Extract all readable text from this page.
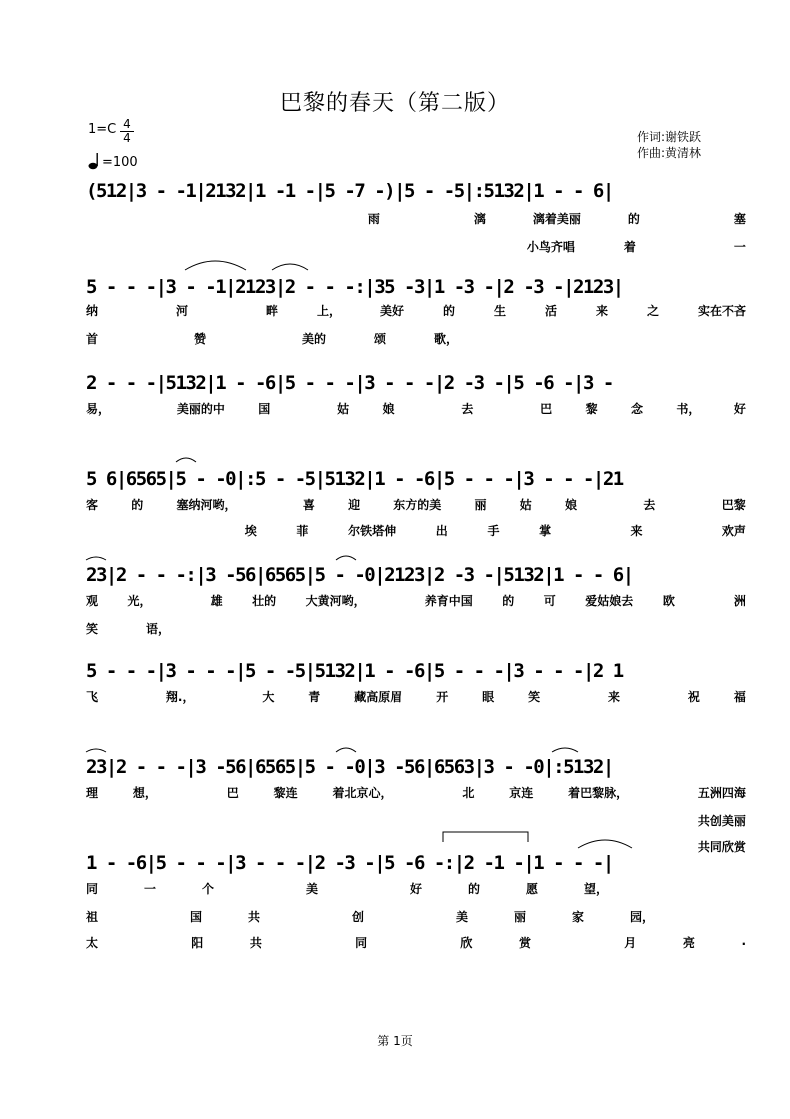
巴黎的春天（第二版）
1=C 4
4
=100
作词:谢铁跃
作曲:黄清林
(512|3 - -1|2132|1 -1 -|5 -7 -)|5 - -5|:5132|1 - - 6|
雨	漓	漓着美丽	的	塞
小鸟齐唱	着	一
5 - - -|3 - -1|2123|2 - - -:|35 -3|1 -3 -|2 -3 -|2123|
纳	河	畔	上，	美好	的	生	活	来	之	实在不吝
首	赞	美的	颂	歌，
2 - - -|5132|1 - -6|5 - - -|3 - - -|2 -3 -|5 -6 -|3 -
易，	美丽的中	国	姑	娘	去	巴	黎	念	书，	好
5 6|6565|5 - -0|:5 - -5|5132|1 - -6|5 - - -|3 - - -|21
客	的	塞纳河哟，	喜	迎	东方的美	丽	姑	娘	去	巴黎
埃	菲	尔铁塔伸	出	手	掌	来	欢声
23|2 - - -:|3 -56|6565|5 - -0|2123|2 -3 -|5132|1 - - 6|
观 光，	雄 壮的 大黄河哟，	养育中国 的 可 爱姑娘去 欧	洲
笑	语，
5 - - -|3 - - -|5 - -5|5132|1 - -6|5 - - -|3 - - -|2 1
飞	翔.，	大	青	藏高原眉	开	眼	笑	来	祝	福
23|2 - - -|3 -56|6565|5 - -0|3 -56|6563|3 - -0|:5132|
理	想，	巴	黎连	着北京心，	北	京连	着巴黎脉，	五洲四海
共创美丽
共同欣赏
1 - -6|5 - - -|3 - - -|2 -3 -|5 -6 -:|2 -1 -|1 - - -|
同	一	个	美	好	的	愿	望，
祖	国	共	创	美	丽	家	园，
太	阳	共	同	欣	赏	月	亮	.
第 1页
